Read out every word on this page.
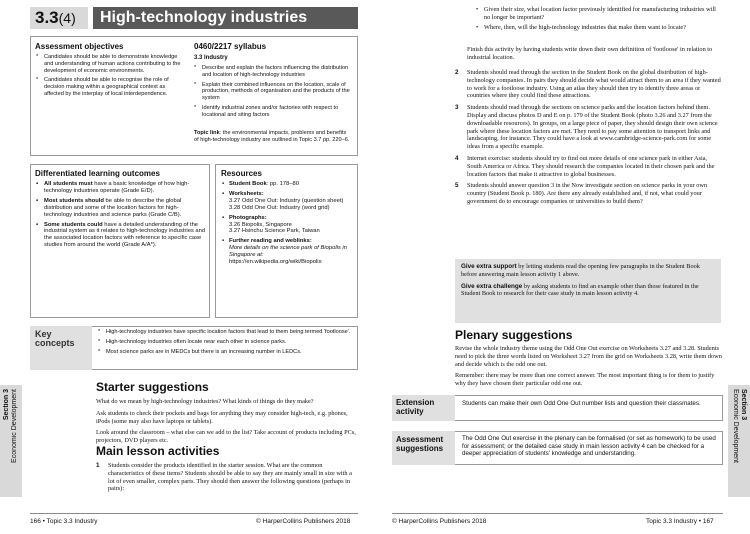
3.3(4)	High-technology industries
Assessment objectives
* Candidates should be able to demonstrate knowledge and understanding of human actions contributing to the development of economic environments.
* Candidates should be able to recognise the role of decision making within a geographical context as affected by the interplay of local interdependence.
0460/2217 syllabus
3.3 Industry
* Describe and explain the factors influencing the distribution and location of high-technology industries
* Explain their combined influences on the location, scale of production, methods of organisation and the products of the system
* Identify industrial zones and/or factories with respect to locational and siting factors
Topic link: the environmental impacts, problems and benefits of high-technology industry are outlined in Topic 3.7 pp. 220–6.
Differentiated learning outcomes
▪ All students must have a basic knowledge of how high-technology industries operate (Grade E/D).
▪ Most students should be able to describe the global distribution and some of the location factors for high-technology industries and science parks (Grade C/B).
▪ Some students could have a detailed understanding of the industrial system as it relates to high-technology industries and the associated location factors with reference to specific case studies from around the world (Grade A/A*).
Resources
▪ Student Book: pp. 178–80
▪ Worksheets:
3.27 Odd One Out: Industry (question sheet)
3.28 Odd One Out: Industry (word grid)
▪ Photographs:
3.26 Biopolis, Singapore
3.27 Hsinchu Science Park, Taiwan
▪ Further reading and weblinks:
More details on the science park of Biopolis in Singapore at:
https://en.wikipedia.org/wiki/Biopolis
Key concepts
* High-technology industries have specific location factors that lead to them being termed 'footloose'.
* High-technology industries often locate near each other in science parks.
* Most science parks are in MEDCs but there is an increasing number in LEDCs.
Starter suggestions

What do we mean by high-technology industries? What kinds of things do they make?

Ask students to check their pockets and bags for anything they may consider high-tech, e.g. phones, iPods (some may also have laptops or tablets).

Look around the classroom – what else can we add to the list? Take account of products including PCs, projectors, DVD players etc.

Main lesson activities
1 Students consider the products identified in the starter session. What are the common characteristics of these items? Students should be able to say they are mainly small in size with a lot of even smaller, complex parts. They should then answer the following questions (perhaps in pairs):
Section 3 Economic Development
166 • Topic 3.3 Industry	© HarperCollins Publishers 2018
• Given their size, what location factor previously identified for manufacturing industries will no longer be important?
• Where, then, will the high-technology industries that make them want to locate?
Finish this activity by having students write down their own definition of 'footloose' in relation to industrial location.
2 Students should read through the section in the Student Book on the global distribution of high-technology companies. In pairs they should decide what would attract them to an area if they wanted to work for a footloose industry. Using an atlas they should then try to identify three areas or countries where they could find these attractions.
3 Students should read through the sections on science parks and the location factors behind them. Display and discuss photos D and E on p. 179 of the Student Book (photo 3.26 and 3.27 from the downloadable resources). In groups, on a large piece of paper, they should design their own science park where these location factors are met. They need to pay some attention to transport links and landscaping, for instance. They could have a look at www.cambridge-science-park.com for some ideas from a specific example.
4 Internet exercise: students should try to find out more details of one science park in either Asia, South America or Africa. They should research the companies located in their chosen park and the location factors that make it attractive to global businesses.
5 Students should answer question 3 in the Now investigate section on science parks in your own country (Student Book p. 180). Are there any already established and, if not, what could your government do to encourage companies or universities to build them?

Give extra support by letting students read the opening few paragraphs in the Student Book before answering main lesson activity 1 above.

Give extra challenge by asking students to find an example other than those featured in the Student Book to research for their case study in main lesson activity 4.

Plenary suggestions

Revise the whole industry theme using the Odd One Out exercise on Worksheets 3.27 and 3.28. Students need to pick the three words listed on Worksheet 3.27 from the grid on Worksheets 3.28, write them down and decide which is the odd one out.

Remember: there may be more than one correct answer. The most important thing is for them to justify why they have chosen their particular odd one out.

Extension activity
Students can make their own Odd One Out number lists and question their classmates.
Assessment suggestions
The Odd One Out exercise in the plenary can be formalised (or set as homework) to be used for assessment; or the detailed case study in main lesson activity 4 can be checked for a deeper appreciation of students' knowledge and understanding.
Section 3
Economic Development
© HarperCollins Publishers 2018	Topic 3.3 Industry • 167
